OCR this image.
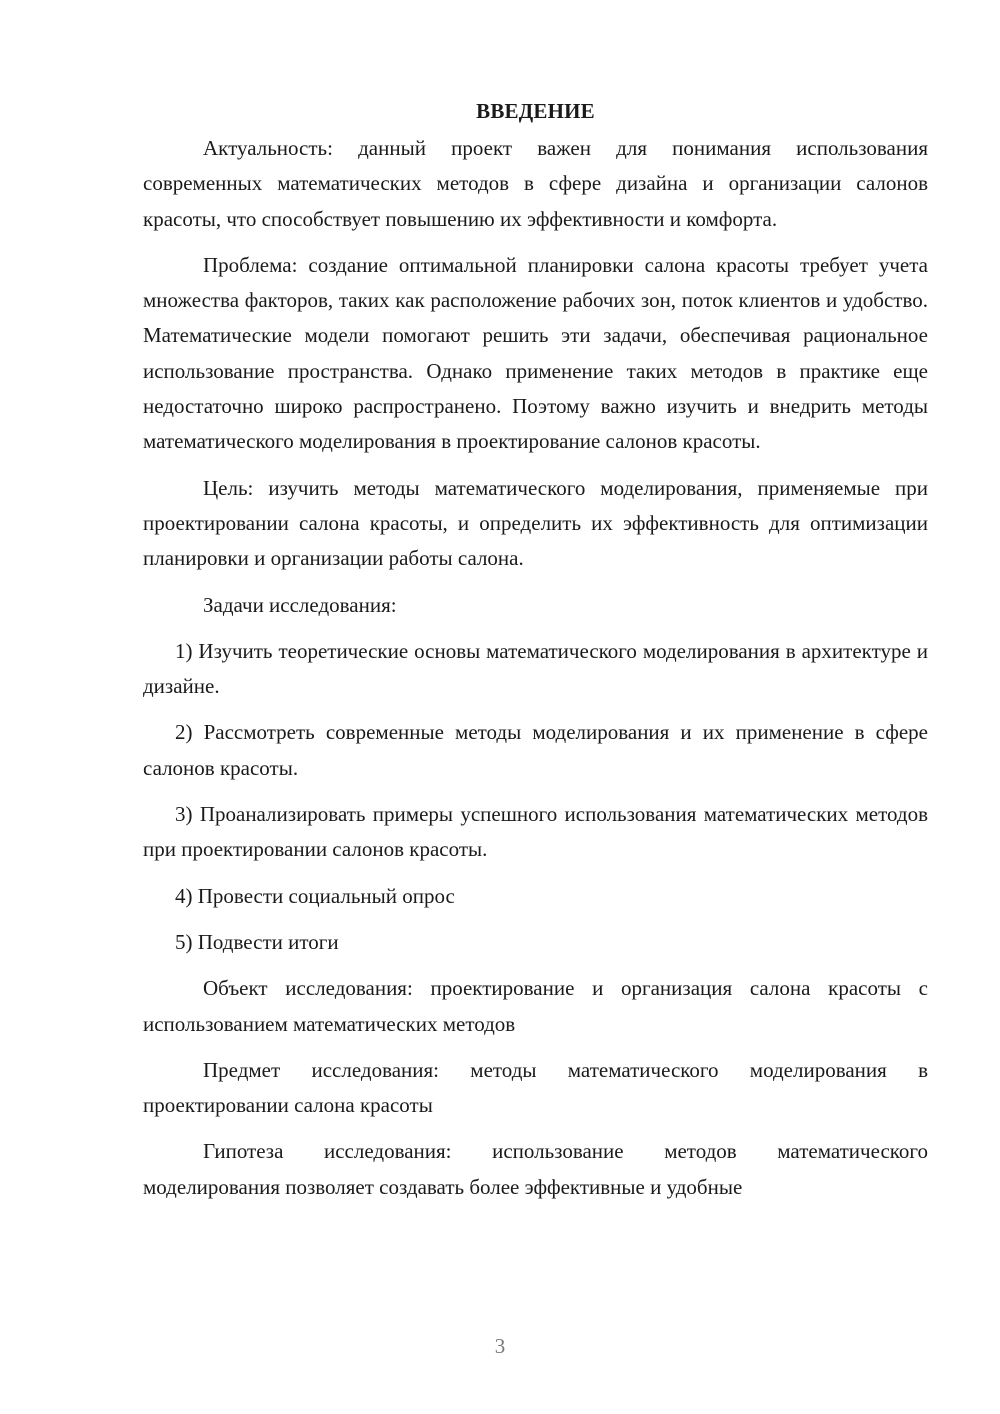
ВВЕДЕНИЕ

Актуальность: данный проект важен для понимания использования современных математических методов в сфере дизайна и организации салонов красоты, что способствует повышению их эффективности и комфорта.

Проблема: создание оптимальной планировки салона красоты требует учета множества факторов, таких как расположение рабочих зон, поток клиентов и удобство. Математические модели помогают решить эти задачи, обеспечивая рациональное использование пространства. Однако применение таких методов в практике еще недостаточно широко распространено. Поэтому важно изучить и внедрить методы математического моделирования в проектирование салонов красоты.

Цель: изучить методы математического моделирования, применяемые при проектировании салона красоты, и определить их эффективность для оптимизации планировки и организации работы салона.

Задачи исследования:

1) Изучить теоретические основы математического моделирования в архитектуре и дизайне.

2) Рассмотреть современные методы моделирования и их применение в сфере салонов красоты.

3) Проанализировать примеры успешного использования математических методов при проектировании салонов красоты.

4) Провести социальный опрос

5) Подвести итоги

Объект исследования: проектирование и организация салона красоты с использованием математических методов

Предмет исследования: методы математического моделирования в проектировании салона красоты

Гипотеза исследования: использование методов математического моделирования позволяет создавать более эффективные и удобные

3
